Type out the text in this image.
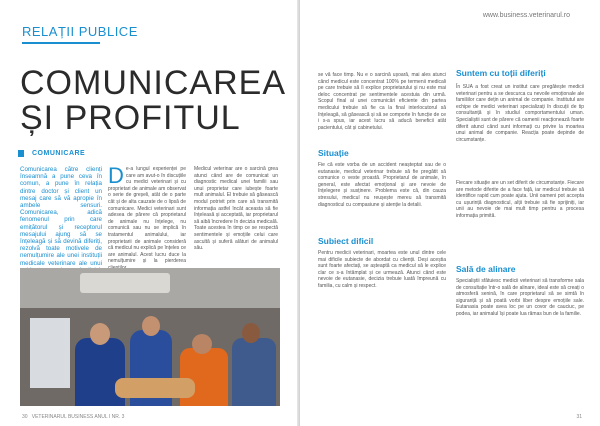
RELAȚII PUBLICE
COMUNICAREA
ȘI PROFITUL
COMUNICARE

Comunicarea către clienți înseamnă a pune ceva în comun, a pune în relația dintre doctor și client un mesaj care să vă apropie în ambele sensuri. Comunicarea, adică fenomenul prin care emițătorul și receptorul mesajului ajung să se înțeleagă și să devină diferiți, rezolvă toate motivele de nemulțumire ale unei instituții medicale veterinare ale unui

De-a lungul experienței pe care am avut-o în discuțiile cu medici veterinari și cu proprietari de animale am observat o serie de greșeli, atât de o parte cât și de alta cauzate de o lipsă de comunicare. Medici veterinari sunt adesea de părere că proprietarul de animale nu înțelege, nu comunică sau nu se implică în tratamentul animalului, iar proprietarii de animale consideră că medicul nu explică pe înțeles ce are animalul. Acest lucru duce la nemulțumire și la pierderea
Medicul veterinar are o sarcină grea atunci când are de comunicat un diagnostic medical unei familii sau unui proprietar care iubește foarte mult animalul. El trebuie să găsească modul potrivit prin care să transmită informația astfel încât aceasta să fie înțeleasă și acceptată, iar proprietarul să aibă încredere în decizia medicală. Toate acestea în timp ce se respectă sentimentele și emoțiile celui care ascultă și suferă alături de animalul său.
30 VETERINARUL BUSINESS ANUL I NR. 3
www.business.veterinarul.ro
se vă face timp. Nu e o sarcină ușoară, mai ales atunci când medicul este concentrat 100% pe termenii medicali pe care trebuie să îi explice proprietarului și nu este mai deloc concentrat pe sentimentele acestuia din urmă. Scopul final al unei comunicări eficiente din partea medicului trebuie să fie ca la final interlocutorul să înțeleagă, să găsească și să se comporte în funcție de ce i s-a spus, iar acest lucru să aducă beneficii atât pacientului, cât și cabinetului.
Situație
Fie că este vorba de un accident neașteptat sau de o eutanasie, medicul veterinar trebuie să fie pregătit să comunice o veste proastă. Proprietarul de animale, în general, este afectat emoțional și are nevoie de înțelegere și susținere. Problema este că, din cauza stresului, medicul nu reușește mereu să transmită diagnosticul cu compasiune și atenție la detalii.
Subiect dificil
Pentru medicii veterinari, moartea este unul dintre cele mai dificile subiecte de abordat cu clienții. Deși aceștia sunt foarte afectați, se așteaptă ca medicul să le explice clar ce s-a întâmplat și ce urmează. Atunci când este nevoie de eutanasie, decizia trebuie luată împreună cu familia, cu calm și respect.
Suntem cu toții diferiți
În SUA a fost creat un institut care pregătește medicii veterinari pentru a se descurca cu nevoile emoționale ale familiilor care dețin un animal de companie. Institutul are echipe de medici veterinari specializați în discuții de tip consultanță și în studiul comportamentului uman. Specialiștii sunt de părere că oamenii reacționează foarte diferit atunci când sunt informați cu privire la moartea unui animal de companie. Reacția poate depinde de circumstanțe.
Fiecare situație are un set diferit de circumstanțe. Fiecare are metode diferite de a face față, iar medicul trebuie să identifice rapid cum poate ajuta. Unii oameni pot accepta cu ușurință diagnosticul, alții trebuie să fie sprijiniți, iar unii au nevoie de mai mult timp pentru a procesa informația primită.
Sală de alinare
Specialiștii sfătuiesc medicii veterinari să transforme sala de consultație într-o sală de alinare, ideal este să creați o atmosferă senină, în care proprietarul să se simtă în siguranță și să poată vorbi liber despre emoțiile sale. Eutanasia poate avea loc pe un covor de cauciuc, pe podea, iar animalul își poate lua rămas bun de la familie.
31
